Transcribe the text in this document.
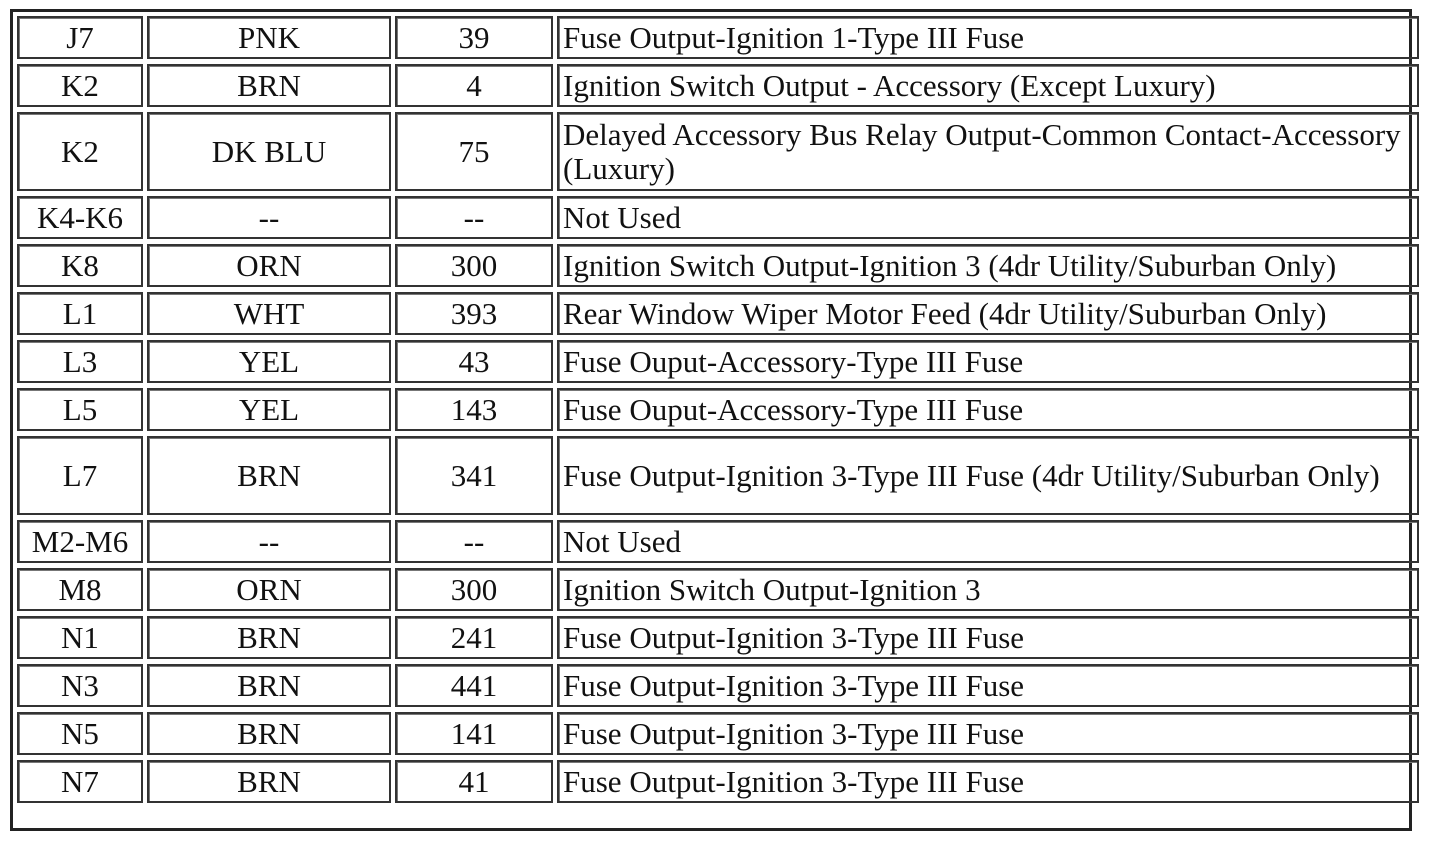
J7	PNK	39	Fuse Output-Ignition 1-Type III Fuse
K2	BRN	4	Ignition Switch Output - Accessory (Except Luxury)
K2	DK BLU	75	Delayed Accessory Bus Relay Output-Common Contact-Accessory (Luxury)
K4-K6	--	--	Not Used
K8	ORN	300	Ignition Switch Output-Ignition 3 (4dr Utility/Suburban Only)
L1	WHT	393	Rear Window Wiper Motor Feed (4dr Utility/Suburban Only)
L3	YEL	43	Fuse Ouput-Accessory-Type III Fuse
L5	YEL	143	Fuse Ouput-Accessory-Type III Fuse
L7	BRN	341	Fuse Output-Ignition 3-Type III Fuse (4dr Utility/Suburban Only)
M2-M6	--	--	Not Used
M8	ORN	300	Ignition Switch Output-Ignition 3
N1	BRN	241	Fuse Output-Ignition 3-Type III Fuse
N3	BRN	441	Fuse Output-Ignition 3-Type III Fuse
N5	BRN	141	Fuse Output-Ignition 3-Type III Fuse
N7	BRN	41	Fuse Output-Ignition 3-Type III Fuse
